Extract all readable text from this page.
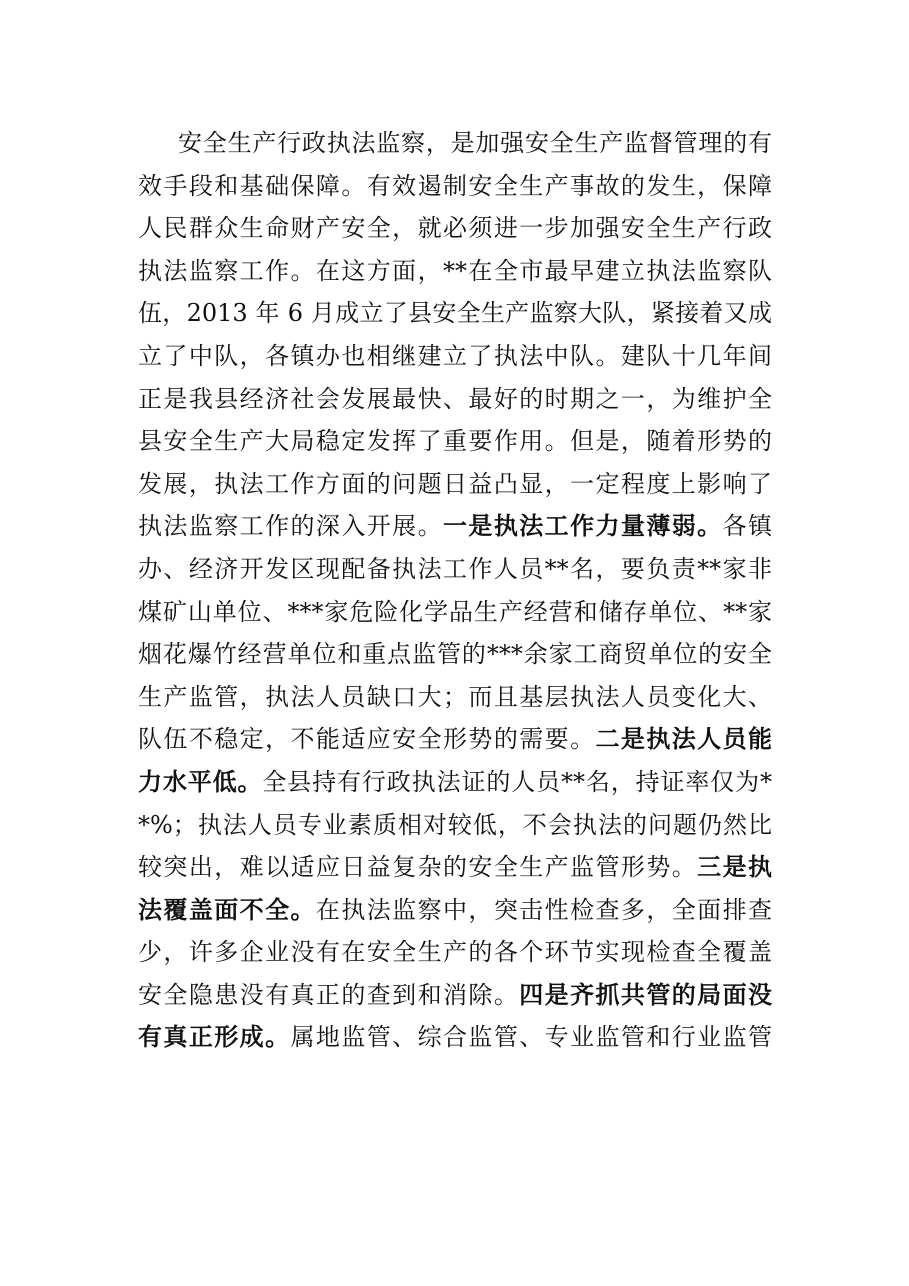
安全生产行政执法监察，是加强安全生产监督管理的有
效手段和基础保障。有效遏制安全生产事故的发生，保障
人民群众生命财产安全，就必须进一步加强安全生产行政
执法监察工作。在这方面，**在全市最早建立执法监察队
伍，2013 年 6 月成立了县安全生产监察大队，紧接着又成
立了中队，各镇办也相继建立了执法中队。建队十几年间
正是我县经济社会发展最快、最好的时期之一，为维护全
县安全生产大局稳定发挥了重要作用。但是，随着形势的
发展，执法工作方面的问题日益凸显，一定程度上影响了
执法监察工作的深入开展。一是执法工作力量薄弱。各镇
办、经济开发区现配备执法工作人员**名，要负责**家非
煤矿山单位、***家危险化学品生产经营和储存单位、**家
烟花爆竹经营单位和重点监管的***余家工商贸单位的安全
生产监管，执法人员缺口大；而且基层执法人员变化大、
队伍不稳定，不能适应安全形势的需要。二是执法人员能
力水平低。全县持有行政执法证的人员**名，持证率仅为*
*%；执法人员专业素质相对较低，不会执法的问题仍然比
较突出，难以适应日益复杂的安全生产监管形势。三是执
法覆盖面不全。在执法监察中，突击性检查多，全面排查
少，许多企业没有在安全生产的各个环节实现检查全覆盖
安全隐患没有真正的查到和消除。四是齐抓共管的局面没
有真正形成。属地监管、综合监管、专业监管和行业监管
